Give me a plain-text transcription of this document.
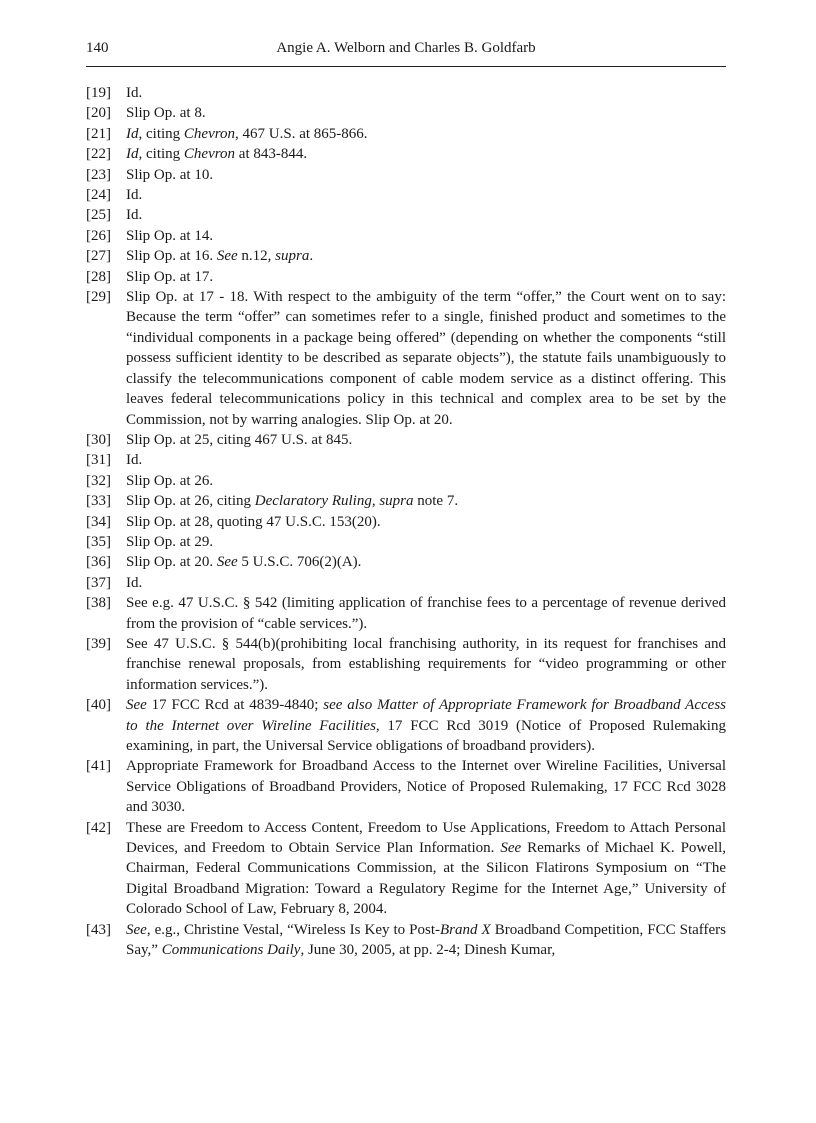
140	Angie A. Welborn and Charles B. Goldfarb
[19] Id.
[20] Slip Op. at 8.
[21] Id, citing Chevron, 467 U.S. at 865-866.
[22] Id, citing Chevron at 843-844.
[23] Slip Op. at 10.
[24] Id.
[25] Id.
[26] Slip Op. at 14.
[27] Slip Op. at 16. See n.12, supra.
[28] Slip Op. at 17.
[29] Slip Op. at 17 - 18. With respect to the ambiguity of the term “offer,” the Court went on to say: Because the term “offer” can sometimes refer to a single, finished product and sometimes to the “individual components in a package being offered” (depending on whether the components “still possess sufficient identity to be described as separate objects”), the statute fails unambiguously to classify the telecommunications component of cable modem service as a distinct offering. This leaves federal telecommunications policy in this technical and complex area to be set by the Commission, not by warring analogies. Slip Op. at 20.
[30] Slip Op. at 25, citing 467 U.S. at 845.
[31] Id.
[32] Slip Op. at 26.
[33] Slip Op. at 26, citing Declaratory Ruling, supra note 7.
[34] Slip Op. at 28, quoting 47 U.S.C. 153(20).
[35] Slip Op. at 29.
[36] Slip Op. at 20. See 5 U.S.C. 706(2)(A).
[37] Id.
[38] See e.g. 47 U.S.C. § 542 (limiting application of franchise fees to a percentage of revenue derived from the provision of “cable services.”).
[39] See 47 U.S.C. § 544(b)(prohibiting local franchising authority, in its request for franchises and franchise renewal proposals, from establishing requirements for “video programming or other information services.”).
[40] See 17 FCC Rcd at 4839-4840; see also Matter of Appropriate Framework for Broadband Access to the Internet over Wireline Facilities, 17 FCC Rcd 3019 (Notice of Proposed Rulemaking examining, in part, the Universal Service obligations of broadband providers).
[41] Appropriate Framework for Broadband Access to the Internet over Wireline Facilities, Universal Service Obligations of Broadband Providers, Notice of Proposed Rulemaking, 17 FCC Rcd 3028 and 3030.
[42] These are Freedom to Access Content, Freedom to Use Applications, Freedom to Attach Personal Devices, and Freedom to Obtain Service Plan Information. See Remarks of Michael K. Powell, Chairman, Federal Communications Commission, at the Silicon Flatirons Symposium on “The Digital Broadband Migration: Toward a Regulatory Regime for the Internet Age,” University of Colorado School of Law, February 8, 2004.
[43] See, e.g., Christine Vestal, “Wireless Is Key to Post-Brand X Broadband Competition, FCC Staffers Say,” Communications Daily, June 30, 2005, at pp. 2-4; Dinesh Kumar,
